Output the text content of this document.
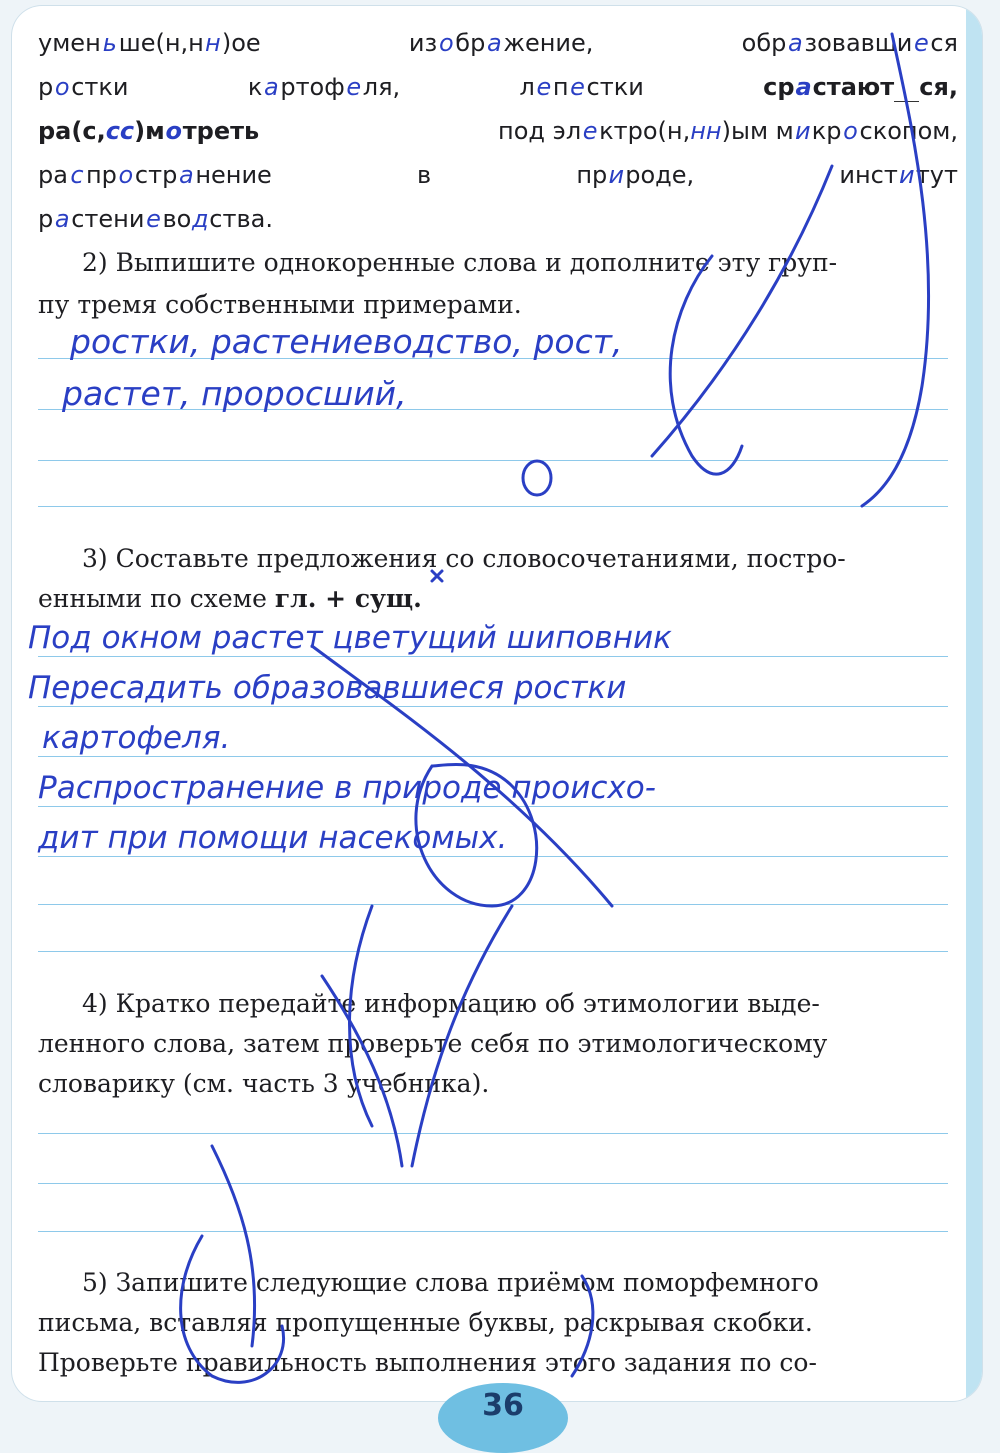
уменьше(н,нн)ое	изображение,	образовавшиеся
ростки	картофеля,	лепестки	срастают ся,
ра(с,сс)мотреть	под электро(н,нн)ым микроскопом,
рас пространение	в	природе,	институт
растениеводства.
2) Выпишите однокоренные слова и дополните эту груп-
пу тремя собственными примерами.
ростки, растениеводство, рост,
растет, проросший,
3) Составьте предложения со словосочетаниями, постро-
енными по схеме гл. + сущ.
Под окном растет цветущий шиповник
Пересадить образовавшиеся ростки
картофеля.
Распространение в природе происхо-
дит при помощи насекомых.
4) Кратко передайте информацию об этимологии выде-
ленного слова, затем проверьте себя по этимологическому
словарику (см. часть 3 учебника).
5) Запишите следующие слова приёмом поморфемного
письма, вставляя пропущенные буквы, раскрывая скобки.
Проверьте правильность выполнения этого задания по со-
36
